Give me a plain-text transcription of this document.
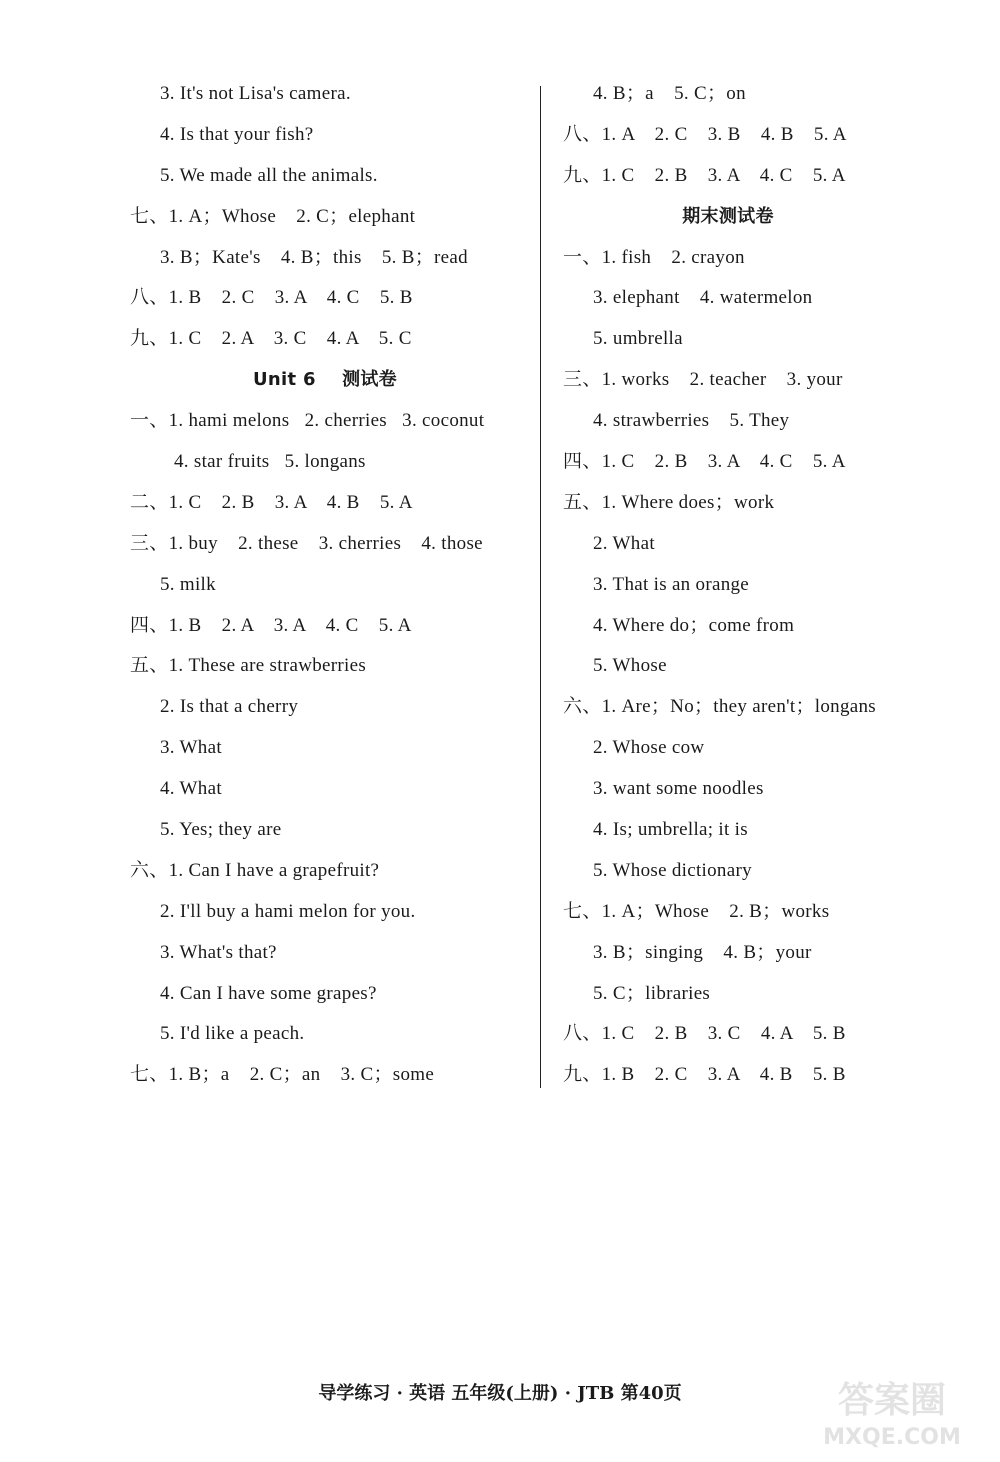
3. It's not Lisa's camera.
4. Is that your fish?
5. We made all the animals.
七、1. A；Whose    2. C；elephant
3. B；Kate's    4. B；this    5. B；read
八、1. B    2. C    3. A    4. C    5. B
九、1. C    2. A    3. C    4. A    5. C
Unit 6    测试卷
一、1. hami melons   2. cherries   3. coconut
4. star fruits   5. longans
二、1. C    2. B    3. A    4. B    5. A
三、1. buy    2. these    3. cherries    4. those
5. milk
四、1. B    2. A    3. A    4. C    5. A
五、1. These are strawberries
2. Is that a cherry
3. What
4. What
5. Yes; they are
六、1. Can I have a grapefruit?
2. I'll buy a hami melon for you.
3. What's that?
4. Can I have some grapes?
5. I'd like a peach.
七、1. B；a    2. C；an    3. C；some
4. B；a    5. C；on
八、1. A    2. C    3. B    4. B    5. A
九、1. C    2. B    3. A    4. C    5. A
期末测试卷
一、1. fish    2. crayon
3. elephant    4. watermelon
5. umbrella
三、1. works    2. teacher    3. your
4. strawberries    5. They
四、1. C    2. B    3. A    4. C    5. A
五、1. Where does；work
2. What
3. That is an orange
4. Where do；come from
5. Whose
六、1. Are；No；they aren't；longans
2. Whose cow
3. want some noodles
4. Is; umbrella; it is
5. Whose dictionary
七、1. A；Whose    2. B；works
3. B；singing    4. B；your
5. C；libraries
八、1. C    2. B    3. C    4. A    5. B
九、1. B    2. C    3. A    4. B    5. B
导学练习 · 英语 五年级(上册) · JTB 第40页	答案圈
MXQE.COM
